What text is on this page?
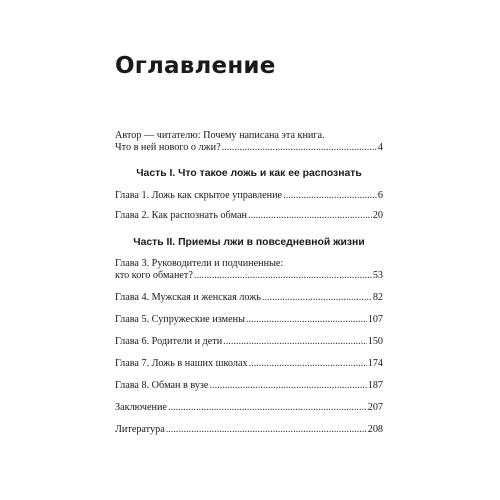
Оглавление
Автор — читателю: Почему написана эта книга.
Что в ней нового о лжи? .....	4
Часть I. Что такое ложь и как ее распознать
Глава 1. Ложь как скрытое управление .....	6
Глава 2. Как распознать обман .....	20
Часть II. Приемы лжи в повседневной жизни
Глава 3. Руководители и подчиненные:
кто кого обманет? .....	53
Глава 4. Мужская и женская ложь .....	82
Глава 5. Супружеские измены .....	107
Глава 6. Родители и дети .....	150
Глава 7. Ложь в наших школах .....	174
Глава 8. Обман в вузе .....	187
Заключение .....	207
Литература .....	208
